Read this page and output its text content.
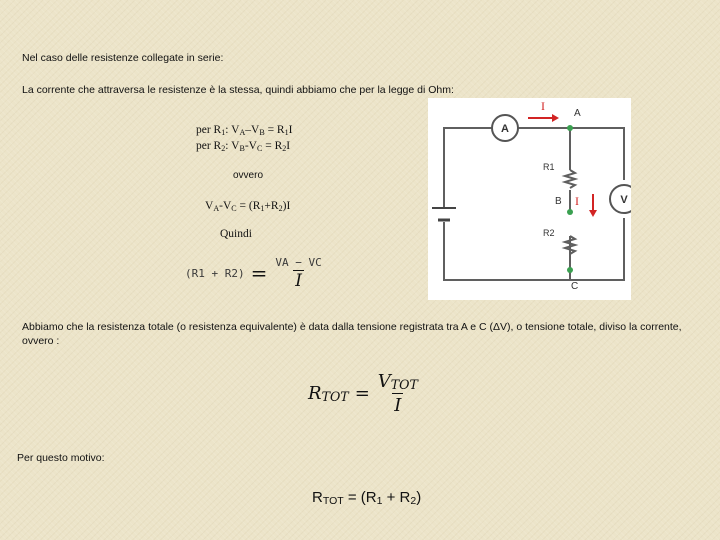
Nel caso delle resistenze collegate in serie:
La corrente che attraversa le resistenze è la stessa, quindi abbiamo che per la legge di Ohm:
per $R_1$: $V_A-V_B = R_1I$
per $R_2$: $V_B-V_C = R_2I$
ovvero
$V_A-V_C = (R_1+R_2)I$
Quindi
$(R1 + R2) = \frac{VA - VC}{I}$
Abbiamo che la resistenza totale (o resistenza equivalente) è data dalla tensione registrata tra A e C (ΔV), o tensione totale, diviso la corrente,
ovvero :
$R_{TOT} = \frac{V_{TOT}}{I}$
Per questo motivo:
$R_{TOT} = (R_1 + R_2)$
A
V
I
I
A
B
C
R1
R2
